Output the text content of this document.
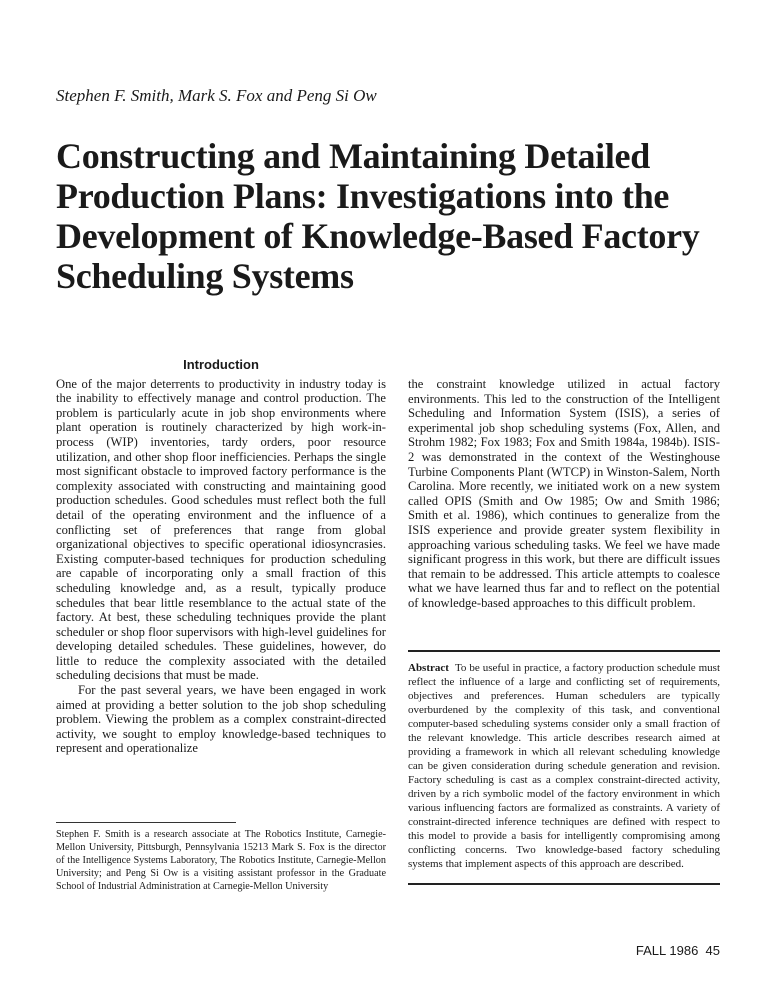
Stephen F. Smith, Mark S. Fox and Peng Si Ow
Constructing and Maintaining Detailed Production Plans: Investigations into the Development of Knowledge-Based Factory Scheduling Systems
Introduction

One of the major deterrents to productivity in industry today is the inability to effectively manage and control production. The problem is particularly acute in job shop environments where plant operation is routinely characterized by high work-in-process (WIP) inventories, tardy orders, poor resource utilization, and other shop floor inefficiencies. Perhaps the single most significant obstacle to improved factory performance is the complexity associated with constructing and maintaining good production schedules. Good schedules must reflect both the full detail of the operating environment and the influence of a conflicting set of preferences that range from global organizational objectives to specific operational idiosyncrasies. Existing computer-based techniques for production scheduling are capable of incorporating only a small fraction of this scheduling knowledge and, as a result, typically produce schedules that bear little resemblance to the actual state of the factory. At best, these scheduling techniques provide the plant scheduler or shop floor supervisors with high-level guidelines for developing detailed schedules. These guidelines, however, do little to reduce the complexity associated with the detailed scheduling decisions that must be made.

For the past several years, we have been engaged in work aimed at providing a better solution to the job shop scheduling problem. Viewing the problem as a complex constraint-directed activity, we sought to employ knowledge-based techniques to represent and operationalize

Stephen F. Smith is a research associate at The Robotics Institute, Carnegie-Mellon University, Pittsburgh, Pennsylvania 15213 Mark S. Fox is the director of the Intelligence Systems Laboratory, The Robotics Institute, Carnegie-Mellon University; and Peng Si Ow is a visiting assistant professor in the Graduate School of Industrial Administration at Carnegie-Mellon University

the constraint knowledge utilized in actual factory environments. This led to the construction of the Intelligent Scheduling and Information System (ISIS), a series of experimental job shop scheduling systems (Fox, Allen, and Strohm 1982; Fox 1983; Fox and Smith 1984a, 1984b). ISIS-2 was demonstrated in the context of the Westinghouse Turbine Components Plant (WTCP) in Winston-Salem, North Carolina. More recently, we initiated work on a new system called OPIS (Smith and Ow 1985; Ow and Smith 1986; Smith et al. 1986), which continues to generalize from the ISIS experience and provide greater system flexibility in approaching various scheduling tasks. We feel we have made significant progress in this work, but there are difficult issues that remain to be addressed. This article attempts to coalesce what we have learned thus far and to reflect on the potential of knowledge-based approaches to this difficult problem.

Abstract To be useful in practice, a factory production schedule must reflect the influence of a large and conflicting set of requirements, objectives and preferences. Human schedulers are typically overburdened by the complexity of this task, and conventional computer-based scheduling systems consider only a small fraction of the relevant knowledge. This article describes research aimed at providing a framework in which all relevant scheduling knowledge can be given consideration during schedule generation and revision. Factory scheduling is cast as a complex constraint-directed activity, driven by a rich symbolic model of the factory environment in which various influencing factors are formalized as constraints. A variety of constraint-directed inference techniques are defined with respect to this model to provide a basis for intelligently compromising among conflicting concerns. Two knowledge-based factory scheduling systems that implement aspects of this approach are described.

FALL 1986  45
